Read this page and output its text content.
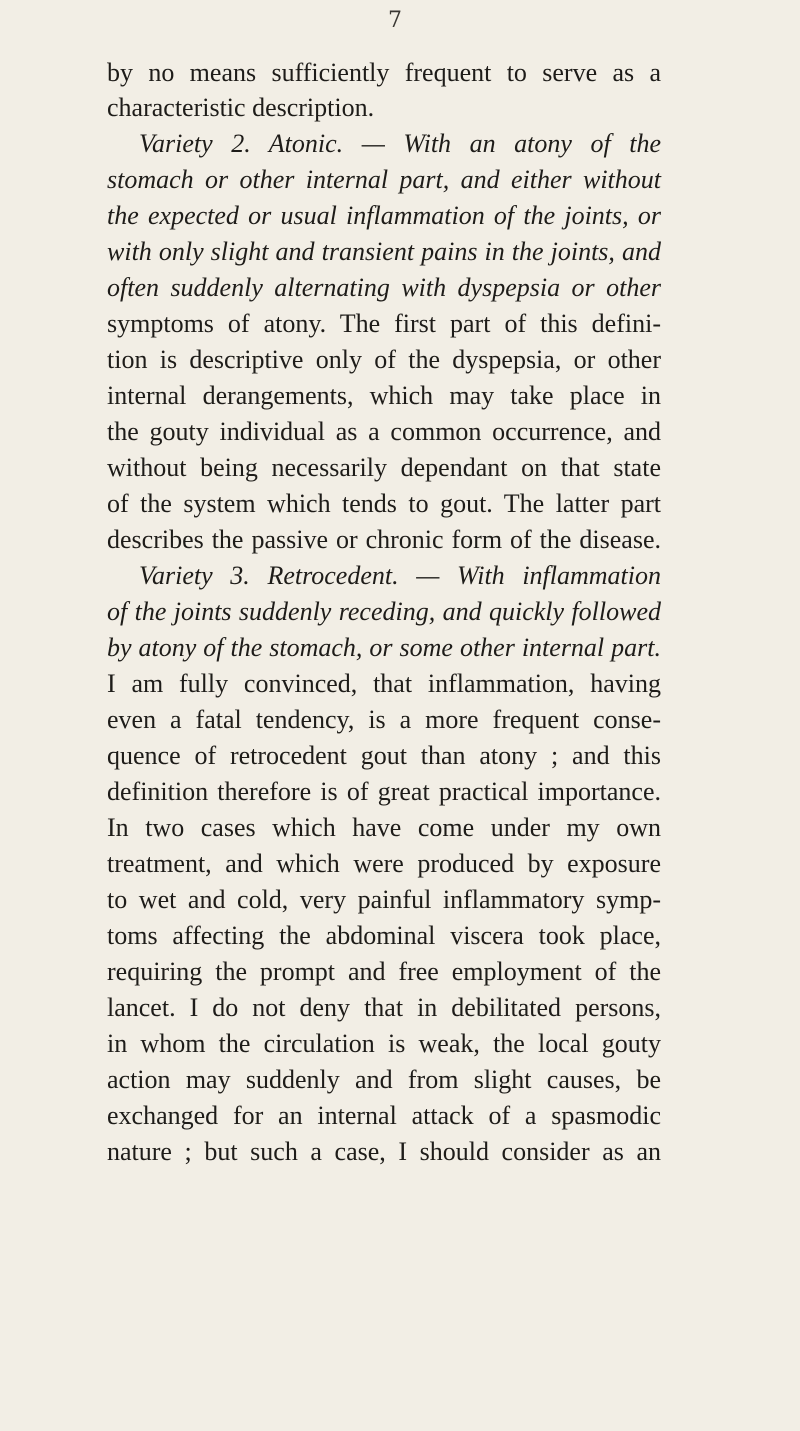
7
by no means sufficiently frequent to serve as a
characteristic description.
Variety 2. Atonic. — With an atony of the
stomach or other internal part, and either without
the expected or usual inflammation of the joints, or
with only slight and transient pains in the joints, and
often suddenly alternating with dyspepsia or other
symptoms of atony. The first part of this defini-
tion is descriptive only of the dyspepsia, or other
internal derangements, which may take place in
the gouty individual as a common occurrence, and
without being necessarily dependant on that state
of the system which tends to gout. The latter part
describes the passive or chronic form of the disease.
Variety 3. Retrocedent. — With inflammation
of the joints suddenly receding, and quickly followed
by atony of the stomach, or some other internal part.
I am fully convinced, that inflammation, having
even a fatal tendency, is a more frequent conse-
quence of retrocedent gout than atony ; and this
definition therefore is of great practical importance.
In two cases which have come under my own
treatment, and which were produced by exposure
to wet and cold, very painful inflammatory symp-
toms affecting the abdominal viscera took place,
requiring the prompt and free employment of the
lancet. I do not deny that in debilitated persons,
in whom the circulation is weak, the local gouty
action may suddenly and from slight causes, be
exchanged for an internal attack of a spasmodic
nature ; but such a case, I should consider as an
